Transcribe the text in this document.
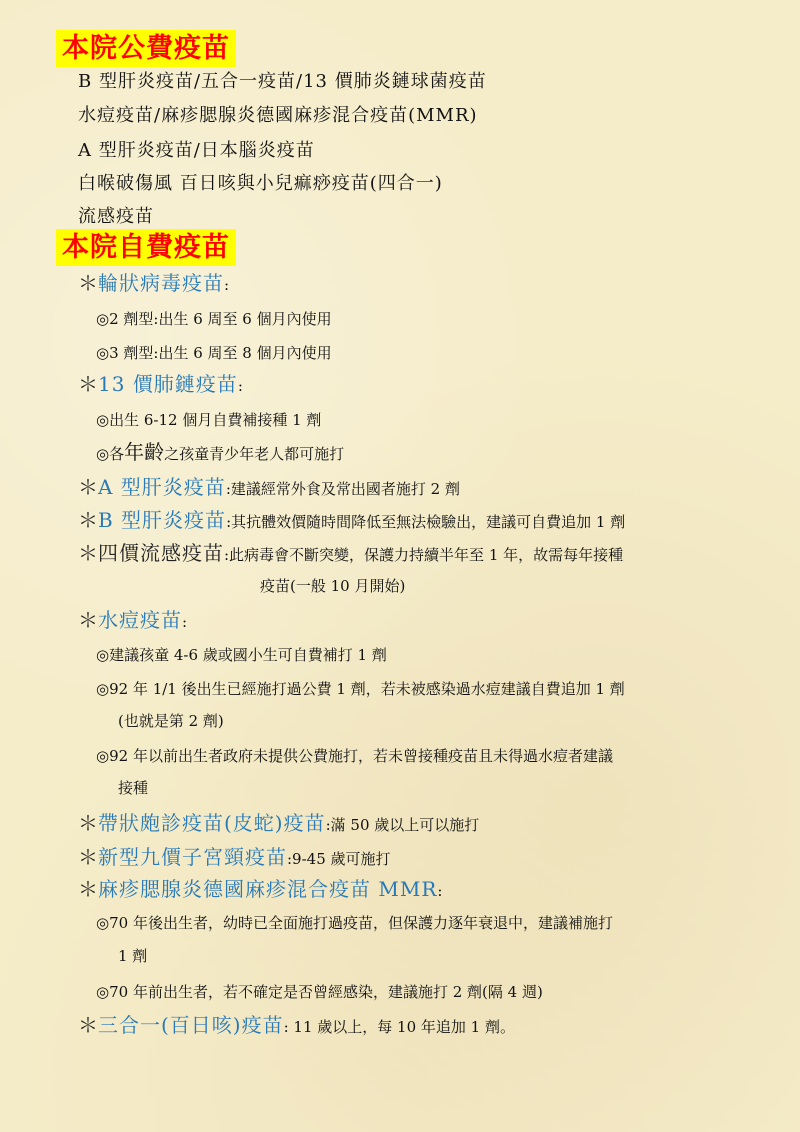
本院公費疫苗
B 型肝炎疫苗/五合一疫苗/13 價肺炎鏈球菌疫苗
水痘疫苗/麻疹腮腺炎德國麻疹混合疫苗(MMR)
A 型肝炎疫苗/日本腦炎疫苗
白喉破傷風 百日咳與小兒痲痧疫苗(四合一)
流感疫苗
本院自費疫苗
＊輪狀病毒疫苗:
◎2 劑型:出生 6 周至 6 個月內使用
◎3 劑型:出生 6 周至 8 個月內使用
＊13 價肺鏈疫苗:
◎出生 6-12 個月自費補接種 1 劑
◎各年齡之孩童青少年老人都可施打
＊A 型肝炎疫苗:建議經常外食及常出國者施打 2 劑
＊B 型肝炎疫苗:其抗體效價隨時間降低至無法檢驗出，建議可自費追加 1 劑
＊四價流感疫苗:此病毒會不斷突變，保護力持續半年至 1 年，故需每年接種
疫苗(一般 10 月開始)
＊水痘疫苗:
◎建議孩童 4-6 歲或國小生可自費補打 1 劑
◎92 年 1/1 後出生已經施打過公費 1 劑，若未被感染過水痘建議自費追加 1 劑
(也就是第 2 劑)
◎92 年以前出生者政府未提供公費施打，若未曾接種疫苗且未得過水痘者建議
接種
＊帶狀皰診疫苗(皮蛇)疫苗:滿 50 歲以上可以施打
＊新型九價子宮頸疫苗:9-45 歲可施打
＊麻疹腮腺炎德國麻疹混合疫苗 MMR:
◎70 年後出生者，幼時已全面施打過疫苗，但保護力逐年衰退中，建議補施打
1 劑
◎70 年前出生者，若不確定是否曾經感染，建議施打 2 劑(隔 4 週)
＊三合一(百日咳)疫苗: 11 歲以上，每 10 年追加 1 劑。
